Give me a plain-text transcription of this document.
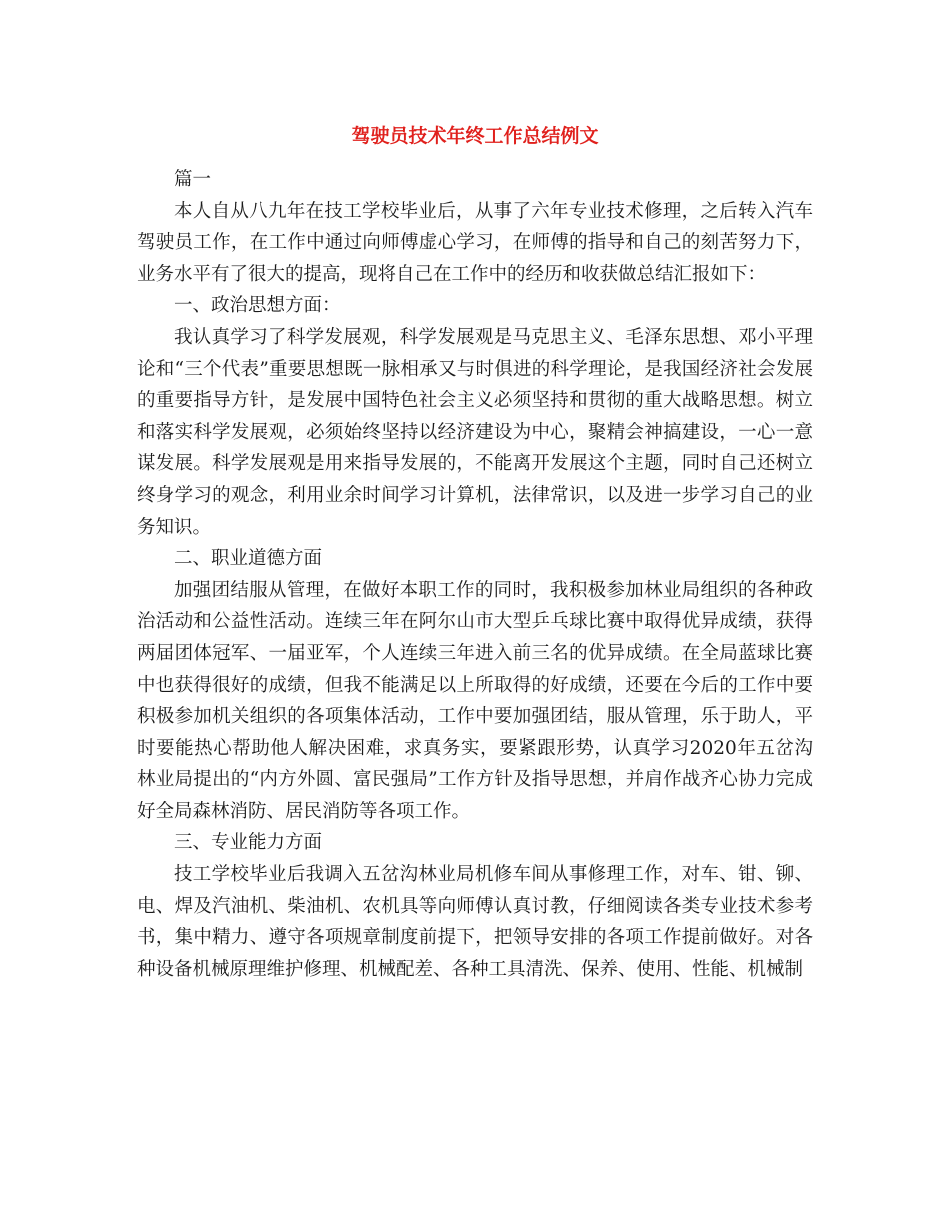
驾驶员技术年终工作总结例文

篇一

本人自从八九年在技工学校毕业后，从事了六年专业技术修理，之后转入汽车驾驶员工作，在工作中通过向师傅虚心学习，在师傅的指导和自己的刻苦努力下，业务水平有了很大的提高，现将自己在工作中的经历和收获做总结汇报如下：

一、政治思想方面：

我认真学习了科学发展观，科学发展观是马克思主义、毛泽东思想、邓小平理论和“三个代表”重要思想既一脉相承又与时俱进的科学理论，是我国经济社会发展的重要指导方针，是发展中国特色社会主义必须坚持和贯彻的重大战略思想。树立和落实科学发展观，必须始终坚持以经济建设为中心，聚精会神搞建设，一心一意谋发展。科学发展观是用来指导发展的，不能离开发展这个主题，同时自己还树立终身学习的观念，利用业余时间学习计算机，法律常识，以及进一步学习自己的业务知识。

二、职业道德方面

加强团结服从管理，在做好本职工作的同时，我积极参加林业局组织的各种政治活动和公益性活动。连续三年在阿尔山市大型乒乓球比赛中取得优异成绩，获得两届团体冠军、一届亚军，个人连续三年进入前三名的优异成绩。在全局蓝球比赛中也获得很好的成绩，但我不能满足以上所取得的好成绩，还要在今后的工作中要积极参加机关组织的各项集体活动，工作中要加强团结，服从管理，乐于助人，平时要能热心帮助他人解决困难，求真务实，要紧跟形势，认真学习2020年五岔沟林业局提出的“内方外圆、富民强局”工作方针及指导思想，并肩作战齐心协力完成好全局森林消防、居民消防等各项工作。

三、专业能力方面

技工学校毕业后我调入五岔沟林业局机修车间从事修理工作，对车、钳、铆、电、焊及汽油机、柴油机、农机具等向师傅认真讨教，仔细阅读各类专业技术参考书，集中精力、遵守各项规章制度前提下，把领导安排的各项工作提前做好。对各种设备机械原理维护修理、机械配差、各种工具清洗、保养、使用、性能、机械制
